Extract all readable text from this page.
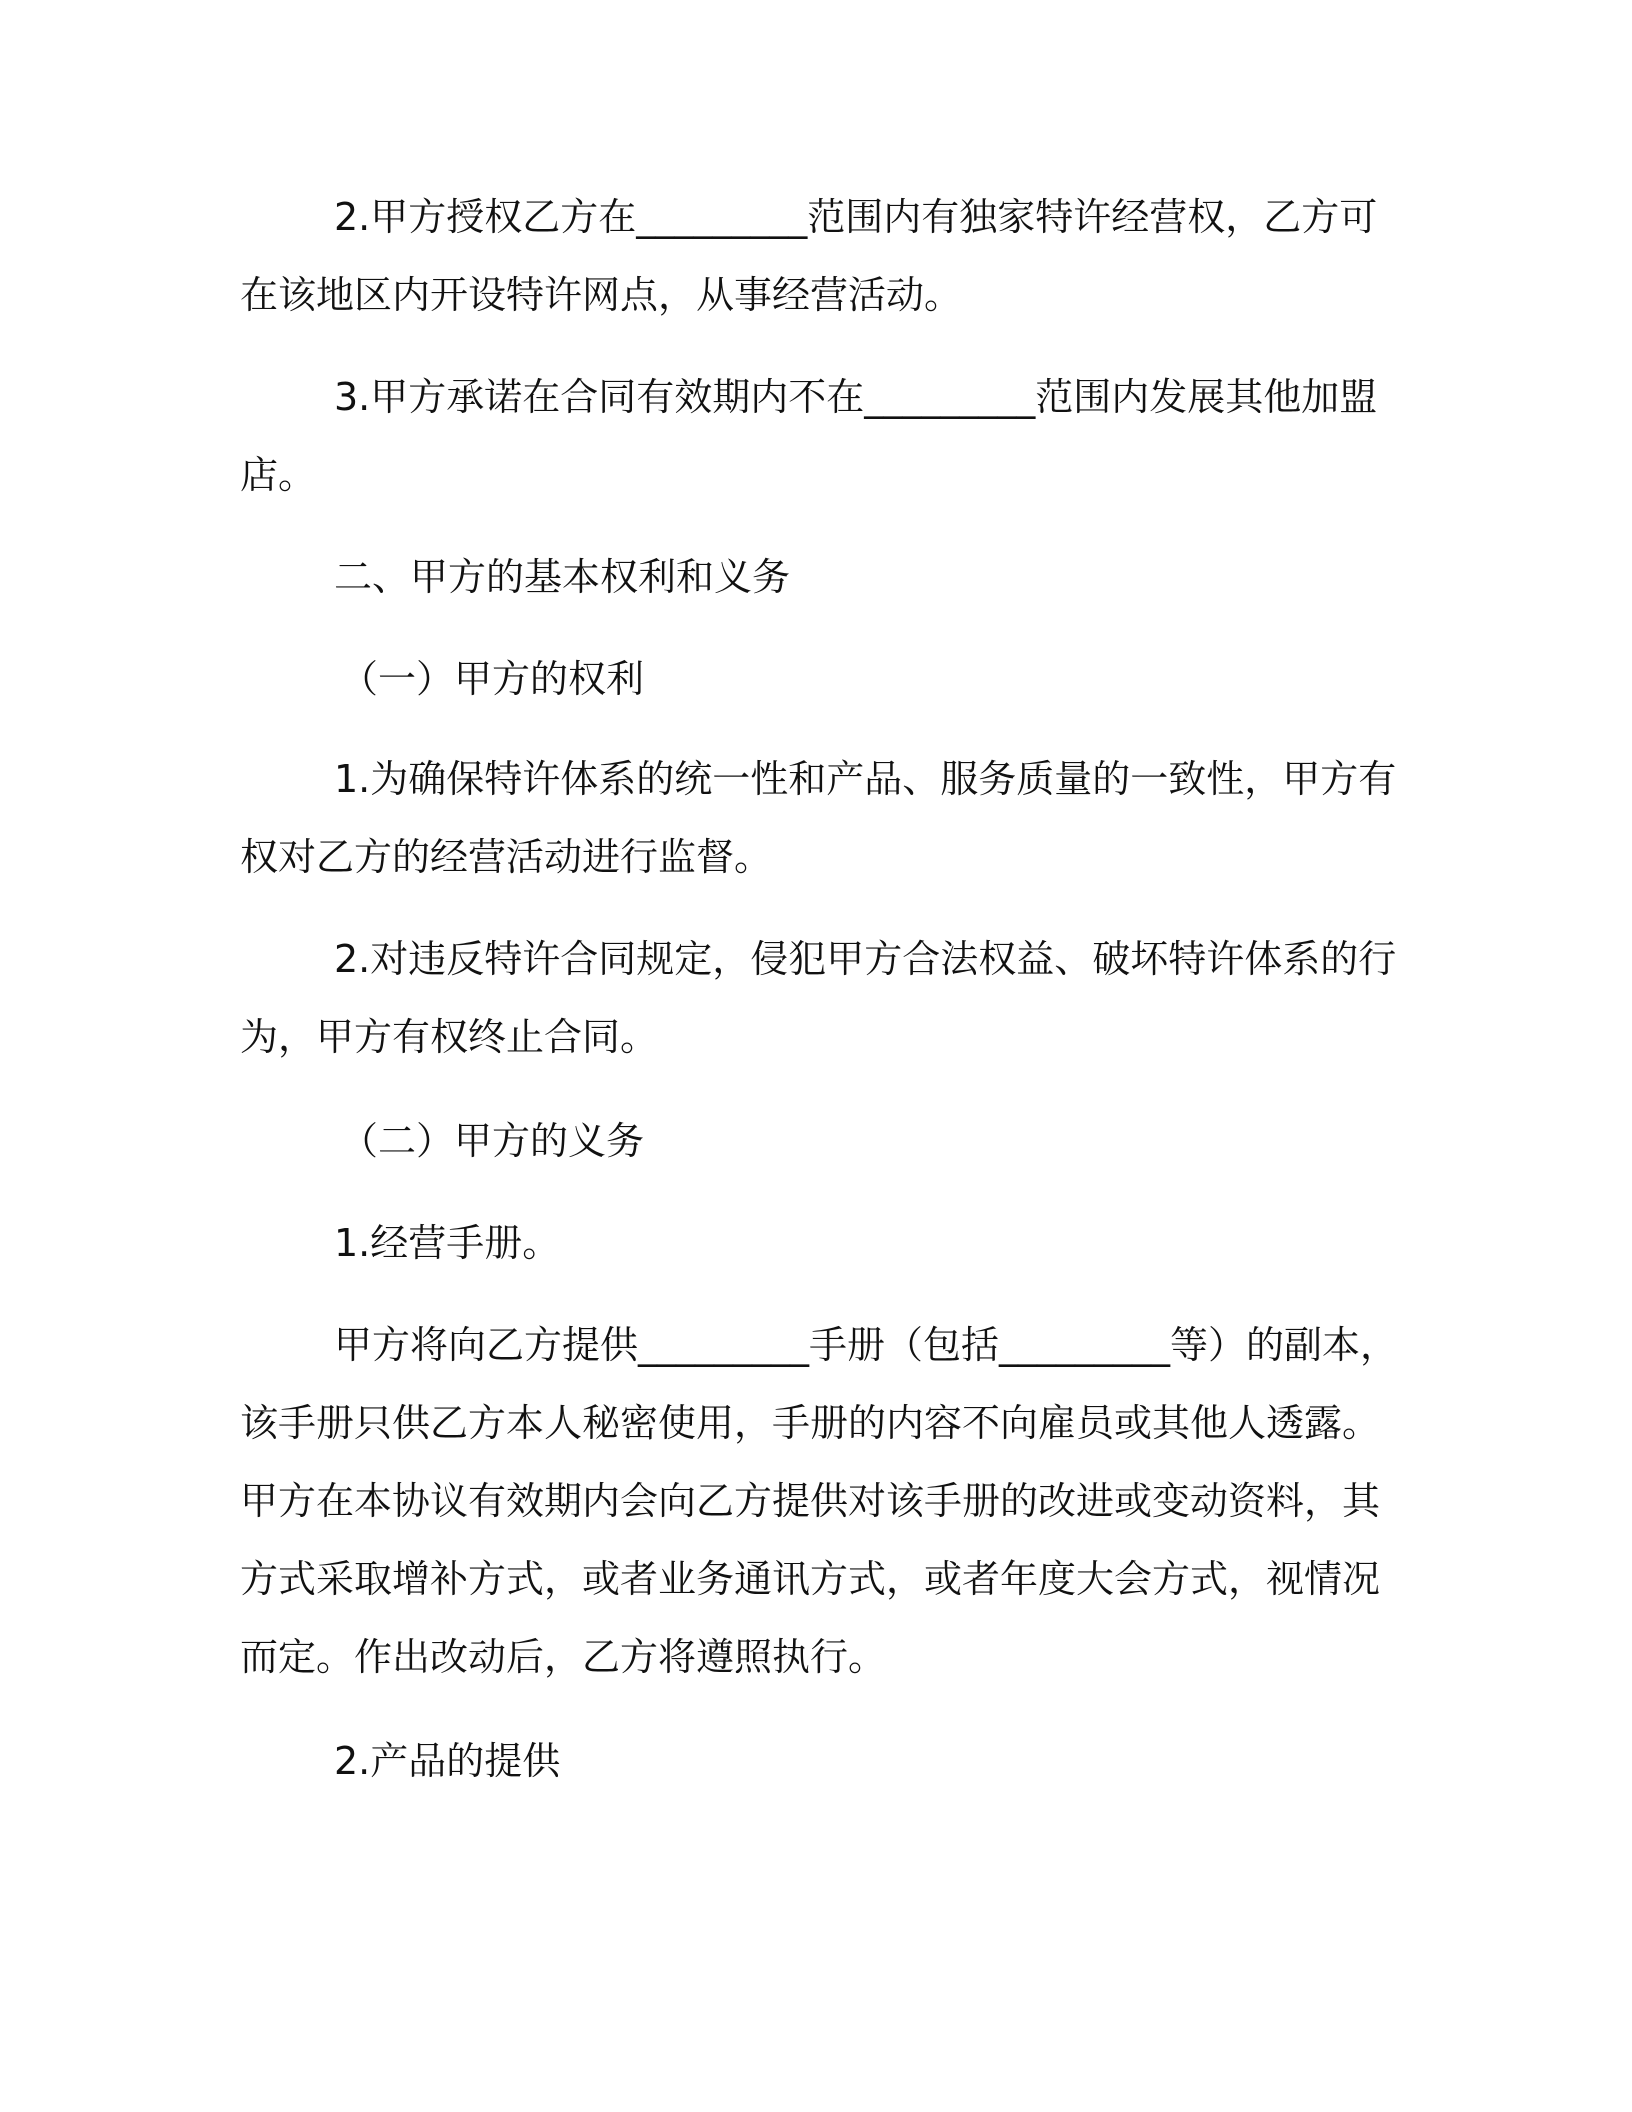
2.甲方授权乙方在_________范围内有独家特许经营权，乙方可
在该地区内开设特许网点，从事经营活动。
3.甲方承诺在合同有效期内不在_________范围内发展其他加盟
店。
二、甲方的基本权利和义务
（一）甲方的权利
1.为确保特许体系的统一性和产品、服务质量的一致性，甲方有
权对乙方的经营活动进行监督。
2.对违反特许合同规定，侵犯甲方合法权益、破坏特许体系的行
为，甲方有权终止合同。
（二）甲方的义务
1.经营手册。
甲方将向乙方提供_________手册（包括_________等）的副本，
该手册只供乙方本人秘密使用，手册的内容不向雇员或其他人透露。
甲方在本协议有效期内会向乙方提供对该手册的改进或变动资料，其
方式采取增补方式，或者业务通讯方式，或者年度大会方式，视情况
而定。作出改动后，乙方将遵照执行。
2.产品的提供
